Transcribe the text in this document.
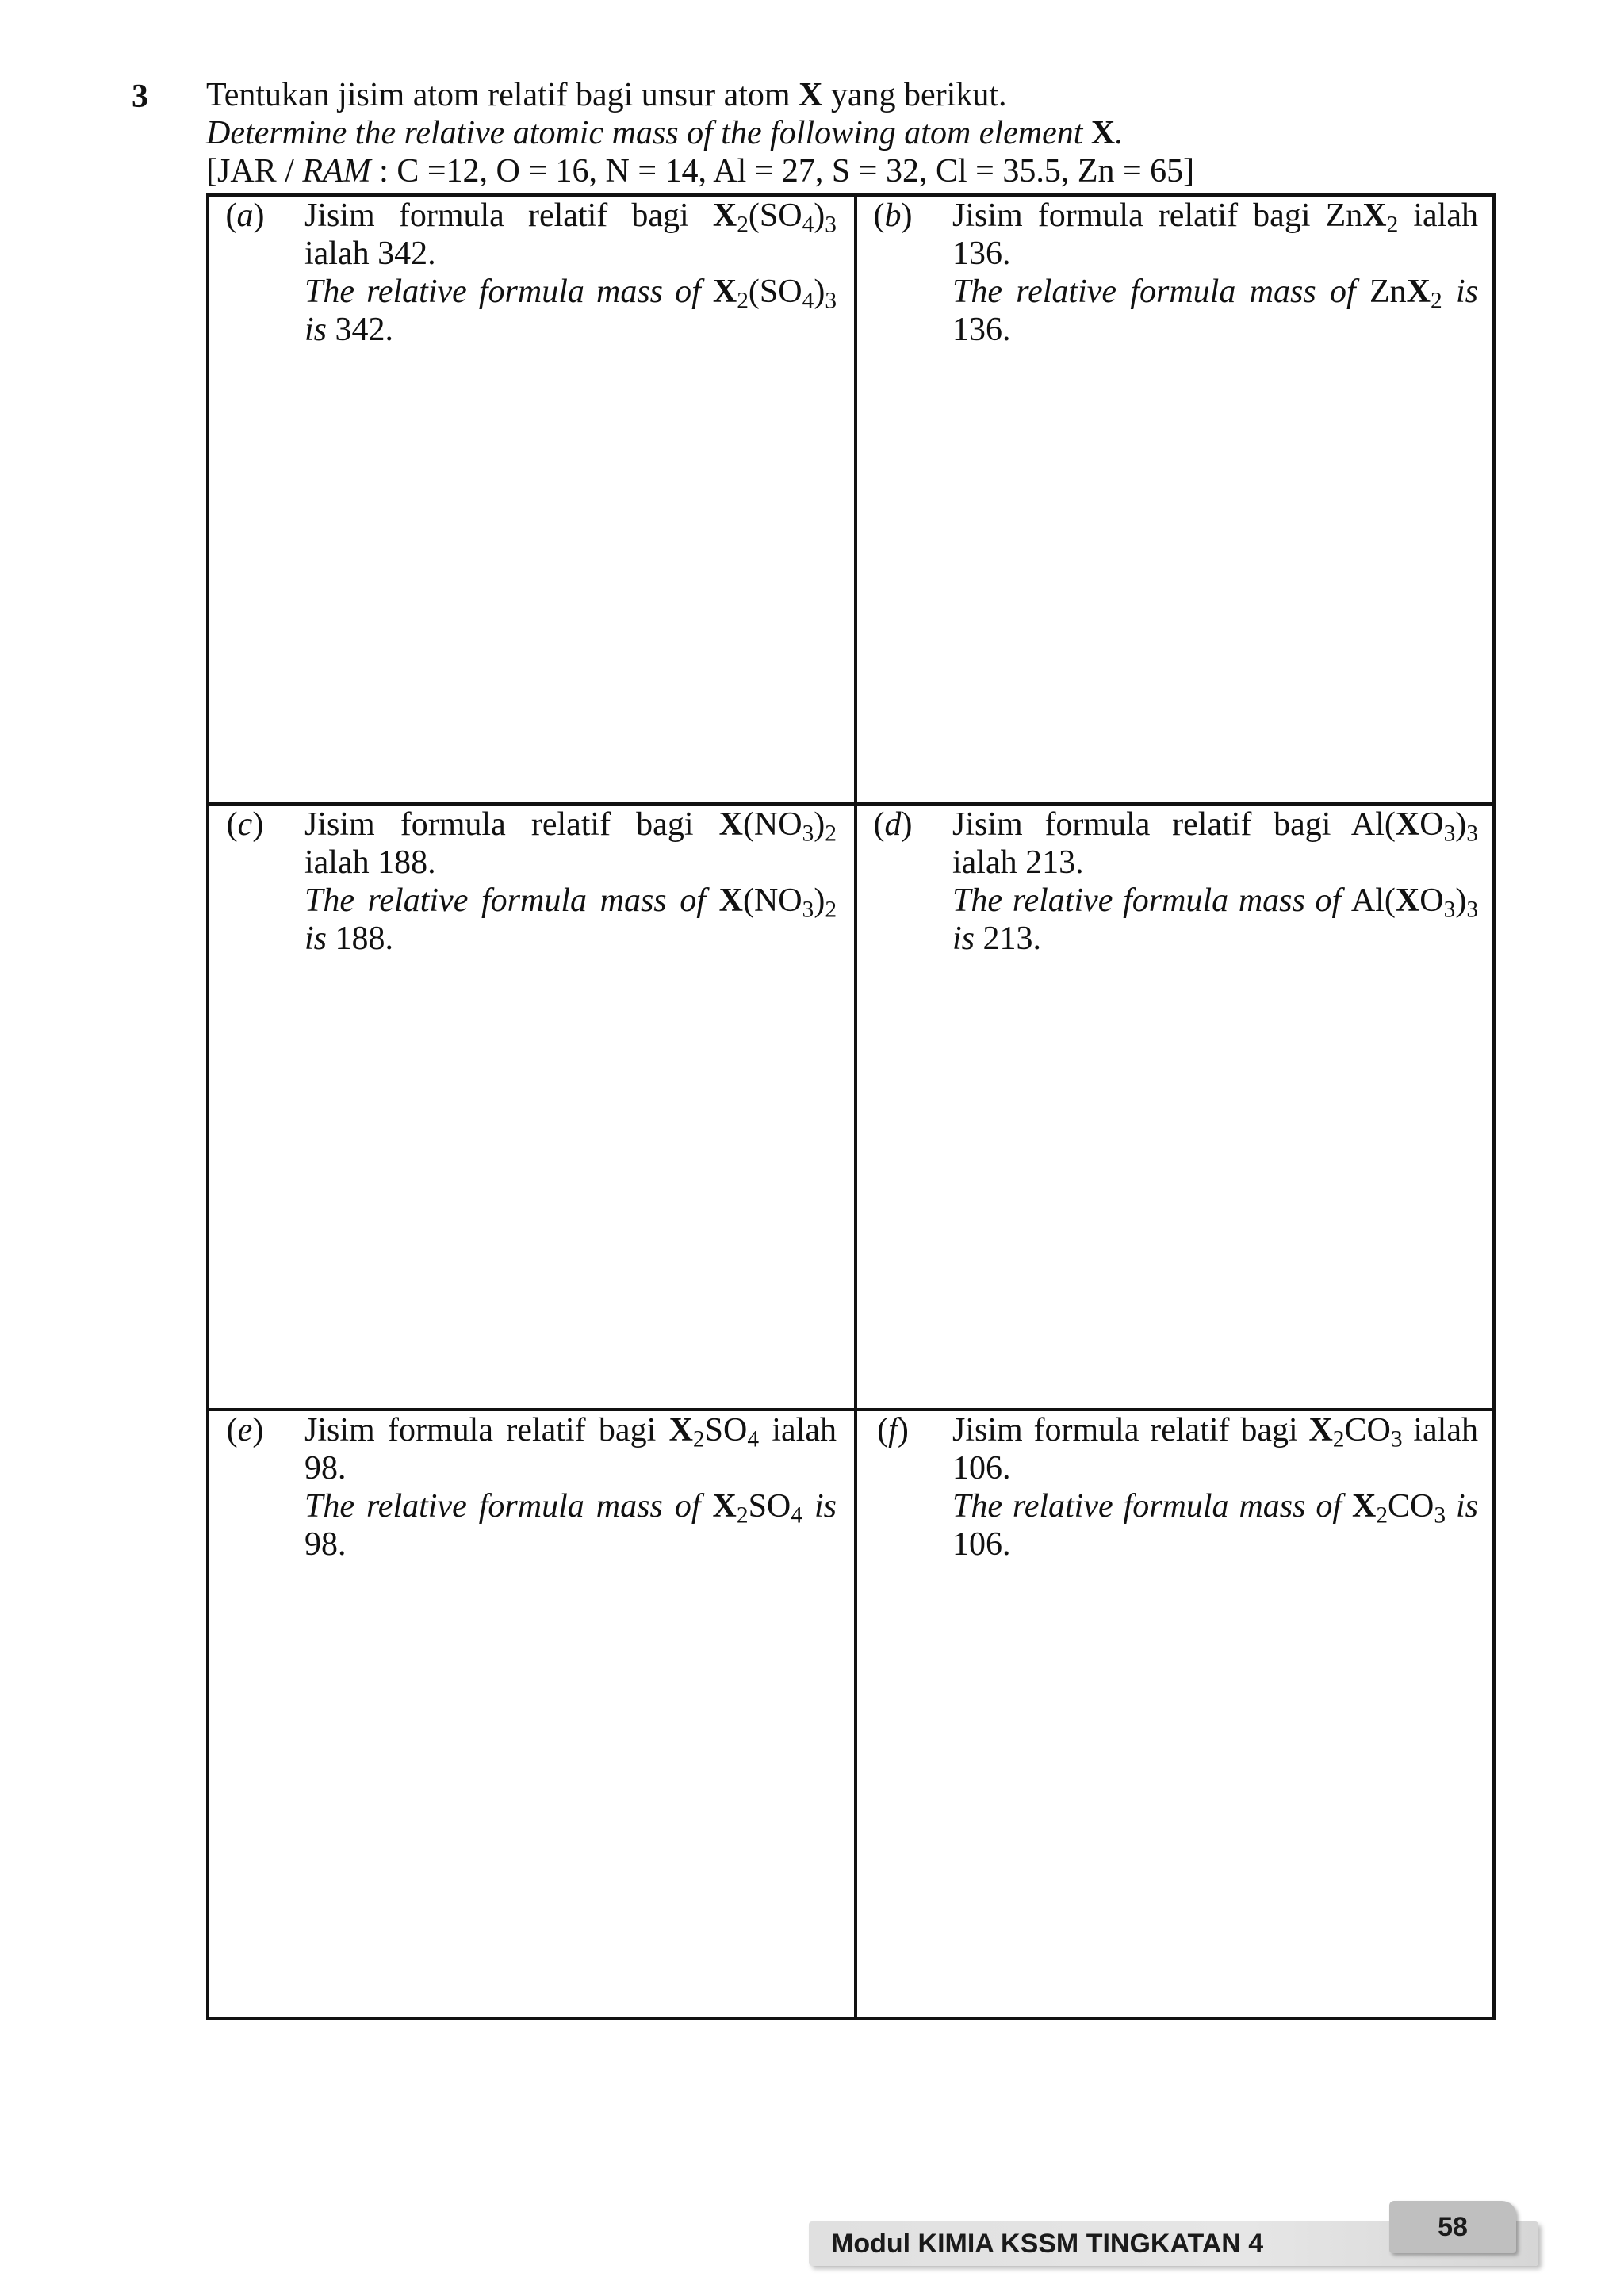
3 Tentukan jisim atom relatif bagi unsur atom X yang berikut.
Determine the relative atomic mass of the following atom element X.
[JAR / RAM : C =12, O = 16, N = 14, Al = 27, S = 32, Cl = 35.5, Zn = 65]
(a)	Jisim formula relatif bagi $X_2(SO_4)_3$ ialah 342.
The relative formula mass of $X_2(SO_4)_3$ is 342.
(b)	Jisim formula relatif bagi ZnX$_2$ ialah 136.
The relative formula mass of ZnX$_2$ is 136.
(c)	Jisim formula relatif bagi $X(NO_3)_2$ ialah 188.
The relative formula mass of $X(NO_3)_2$ is 188.
(d)	Jisim formula relatif bagi $Al(XO_3)_3$ ialah 213.
The relative formula mass of $Al(XO_3)_3$ is 213.
(e)	Jisim formula relatif bagi $X_2SO_4$ ialah 98.
The relative formula mass of $X_2SO_4$ is 98.
(f)	Jisim formula relatif bagi $X_2CO_3$ ialah 106.
The relative formula mass of $X_2CO_3$ is 106.
Modul KIMIA KSSM TINGKATAN 4
58
